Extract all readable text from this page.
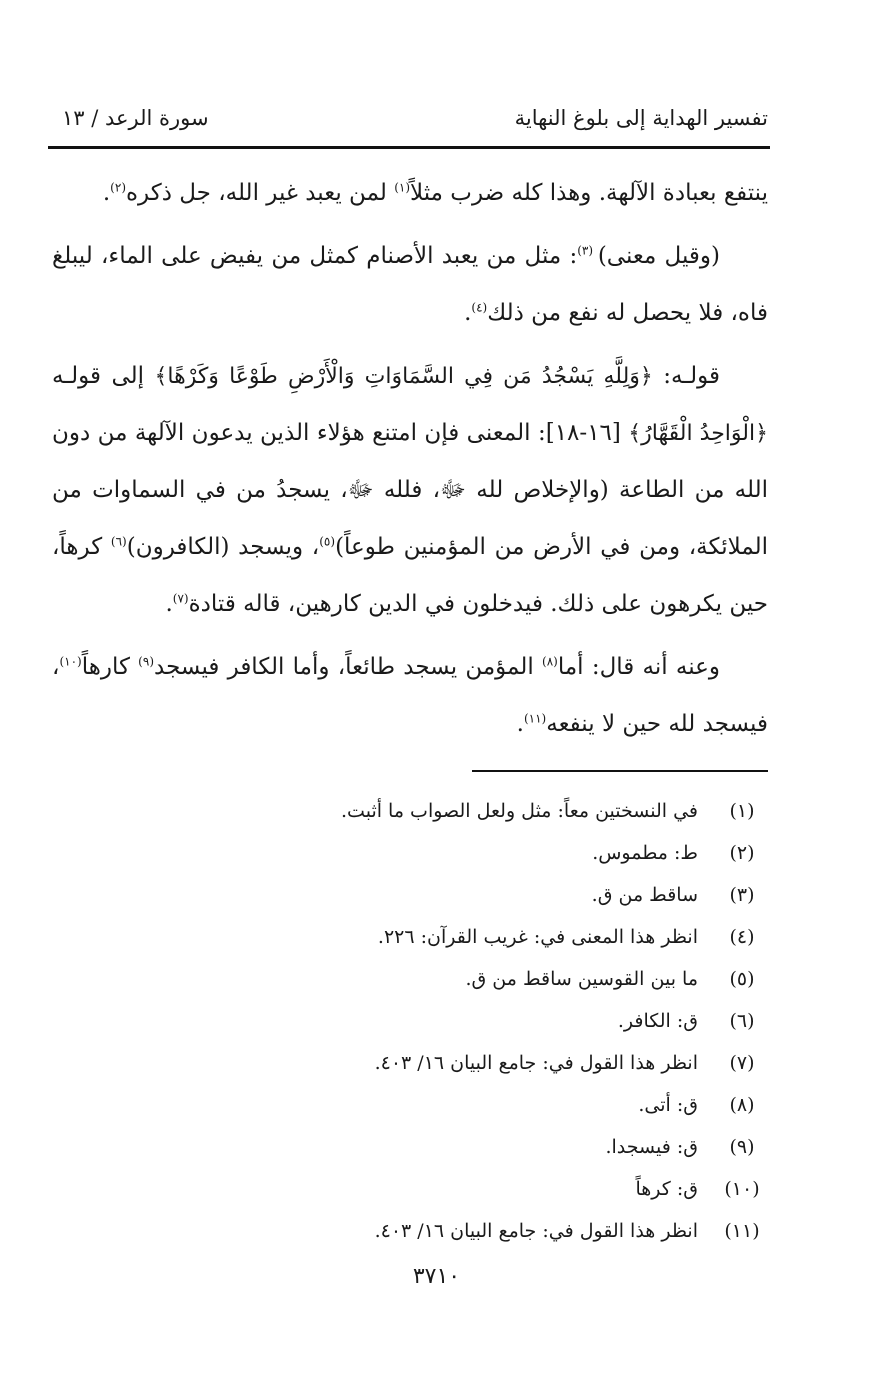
تفسير الهداية إلى بلوغ النهاية
سورة الرعد / ١٣

ينتفع بعبادة الآلهة. وهذا كله ضرب مثلاً$^{(١)}$ لمن يعبد غير الله، جل ذكره$^{(٢)}$.

(وقيل معنى) $^{(٣)}$: مثل من يعبد الأصنام كمثل من يفيض على الماء، ليبلغ فاه، فلا يحصل له نفع من ذلك$^{(٤)}$.

قولـه: ﴿وَلِلَّهِ يَسْجُدُ مَن فِي السَّمَاوَاتِ وَالْأَرْضِ طَوْعًا وَكَرْهًا﴾ إلى قولـه ﴿الْوَاحِدُ الْقَهَّارُ﴾ [١٦-١٨]: المعنى فإن امتنع هؤلاء الذين يدعون الآلهة من دون الله من الطاعة (والإخلاص لله ﷻ، فلله ﷻ، يسجدُ من في السماوات من الملائكة، ومن في الأرض من المؤمنين طوعاً)$^{(٥)}$، ويسجد (الكافرون)$^{(٦)}$ كرهاً، حين يكرهون على ذلك. فيدخلون في الدين كارهين، قاله قتادة$^{(٧)}$.

وعنه أنه قال: أما$^{(٨)}$ المؤمن يسجد طائعاً، وأما الكافر فيسجد$^{(٩)}$ كارهاً$^{(١٠)}$، فيسجد لله حين لا ينفعه$^{(١١)}$.

(١)في النسختين معاً: مثل ولعل الصواب ما أثبت.
(٢)ط: مطموس.
(٣)ساقط من ق.
(٤)انظر هذا المعنى في: غريب القرآن: ٢٢٦.
(٥)ما بين القوسين ساقط من ق.
(٦)ق: الكافر.
(٧)انظر هذا القول في: جامع البيان ١٦/ ٤٠٣.
(٨)ق: أتى.
(٩)ق: فيسجدا.
(١٠)ق: كرهاً
(١١)انظر هذا القول في: جامع البيان ١٦/ ٤٠٣.
٣٧١٠
